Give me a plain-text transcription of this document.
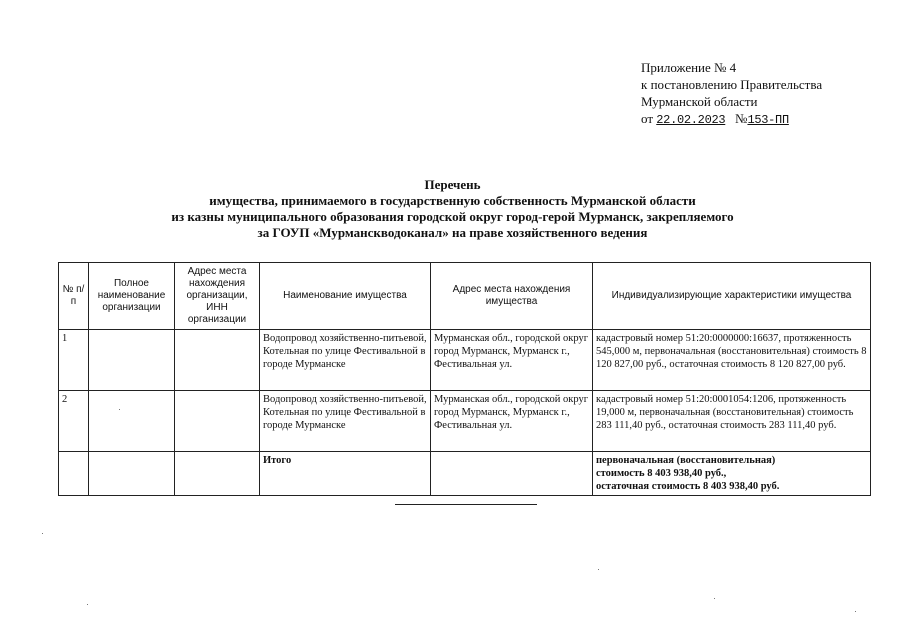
Приложение № 4
к постановлению Правительства
Мурманской области
от 22.02.2023 №153-ПП
Перечень
имущества, принимаемого в государственную собственность Мурманской области
из казны муниципального образования городской округ город-герой Мурманск, закрепляемого
за ГОУП «Мурманскводоканал» на праве хозяйственного ведения
№ п/п	Полное наименование организации	Адрес места нахождения организации, ИНН организации	Наименование имущества	Адрес места нахождения имущества	Индивидуализирующие характеристики имущества
1			Водопровод хозяйственно-питьевой, Котельная по улице Фестивальной в городе Мурманске	Мурманская обл., городской округ город Мурманск, Мурманск г., Фестивальная ул.	кадастровый номер 51:20:0000000:16637, протяженность 545,000 м, первоначальная (восстановительная) стоимость 8 120 827,00 руб., остаточная стоимость 8 120 827,00 руб.
2			Водопровод хозяйственно-питьевой, Котельная по улице Фестивальной в городе Мурманске	Мурманская обл., городской округ город Мурманск, Мурманск г., Фестивальная ул.	кадастровый номер 51:20:0001054:1206, протяженность 19,000 м, первоначальная (восстановительная) стоимость 283 111,40 руб., остаточная стоимость 283 111,40 руб.
			Итого		первоначальная (восстановительная)
стоимость 8 403 938,40 руб.,
остаточная стоимость 8 403 938,40 руб.
